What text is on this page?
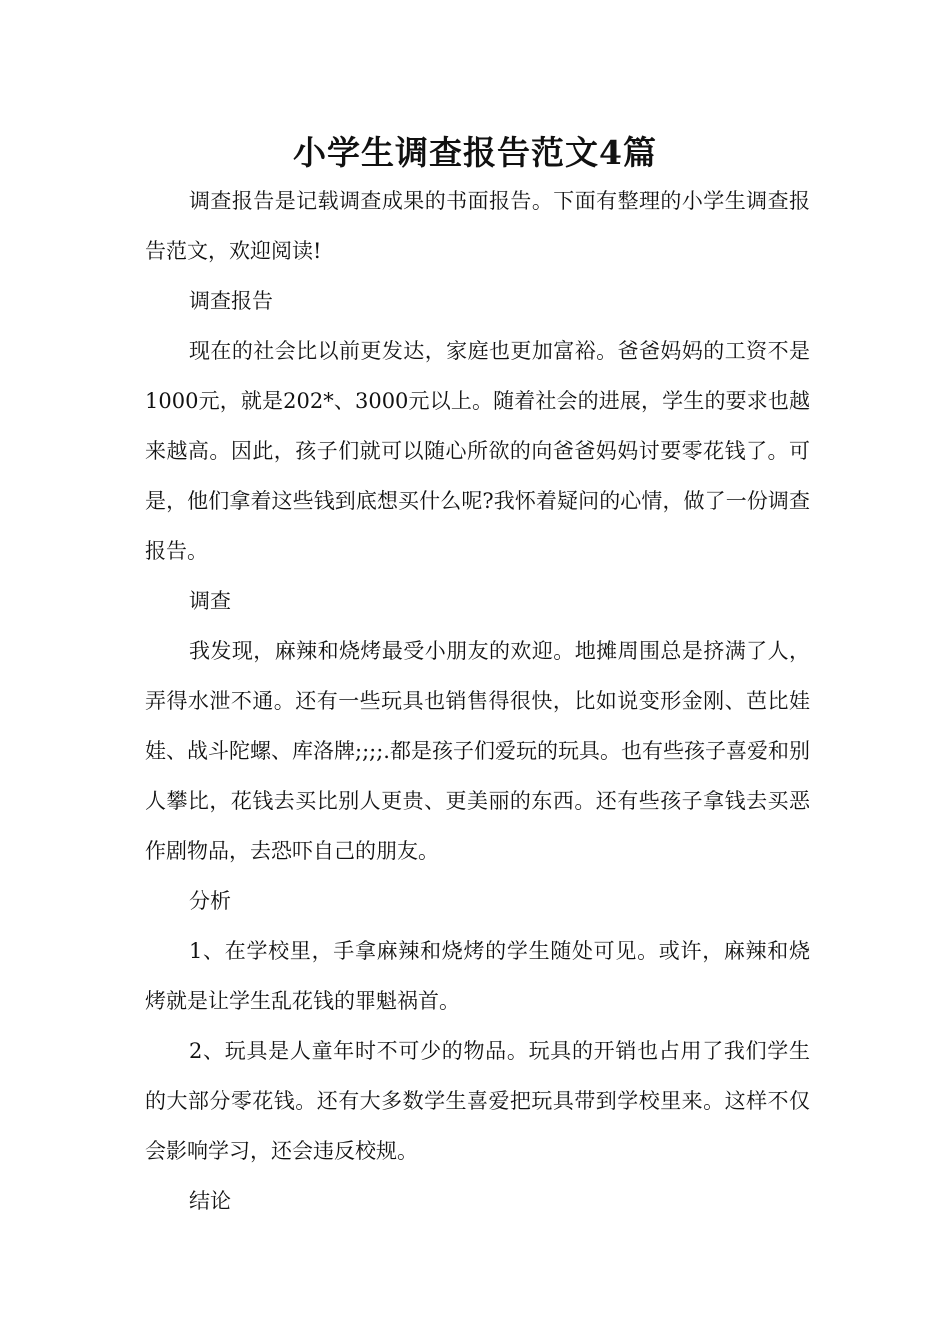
小学生调查报告范文4篇

调查报告是记载调查成果的书面报告。下面有整理的小学生调查报告范文，欢迎阅读!

调查报告

现在的社会比以前更发达，家庭也更加富裕。爸爸妈妈的工资不是1000元，就是202*、3000元以上。随着社会的进展，学生的要求也越来越高。因此，孩子们就可以随心所欲的向爸爸妈妈讨要零花钱了。可是，他们拿着这些钱到底想买什么呢?我怀着疑问的心情，做了一份调查报告。

调查

我发现，麻辣和烧烤最受小朋友的欢迎。地摊周围总是挤满了人，弄得水泄不通。还有一些玩具也销售得很快，比如说变形金刚、芭比娃娃、战斗陀螺、库洛牌;;;;.都是孩子们爱玩的玩具。也有些孩子喜爱和别人攀比，花钱去买比别人更贵、更美丽的东西。还有些孩子拿钱去买恶作剧物品，去恐吓自己的朋友。

分析

1、在学校里，手拿麻辣和烧烤的学生随处可见。或许，麻辣和烧烤就是让学生乱花钱的罪魁祸首。

2、玩具是人童年时不可少的物品。玩具的开销也占用了我们学生的大部分零花钱。还有大多数学生喜爱把玩具带到学校里来。这样不仅会影响学习，还会违反校规。

结论
